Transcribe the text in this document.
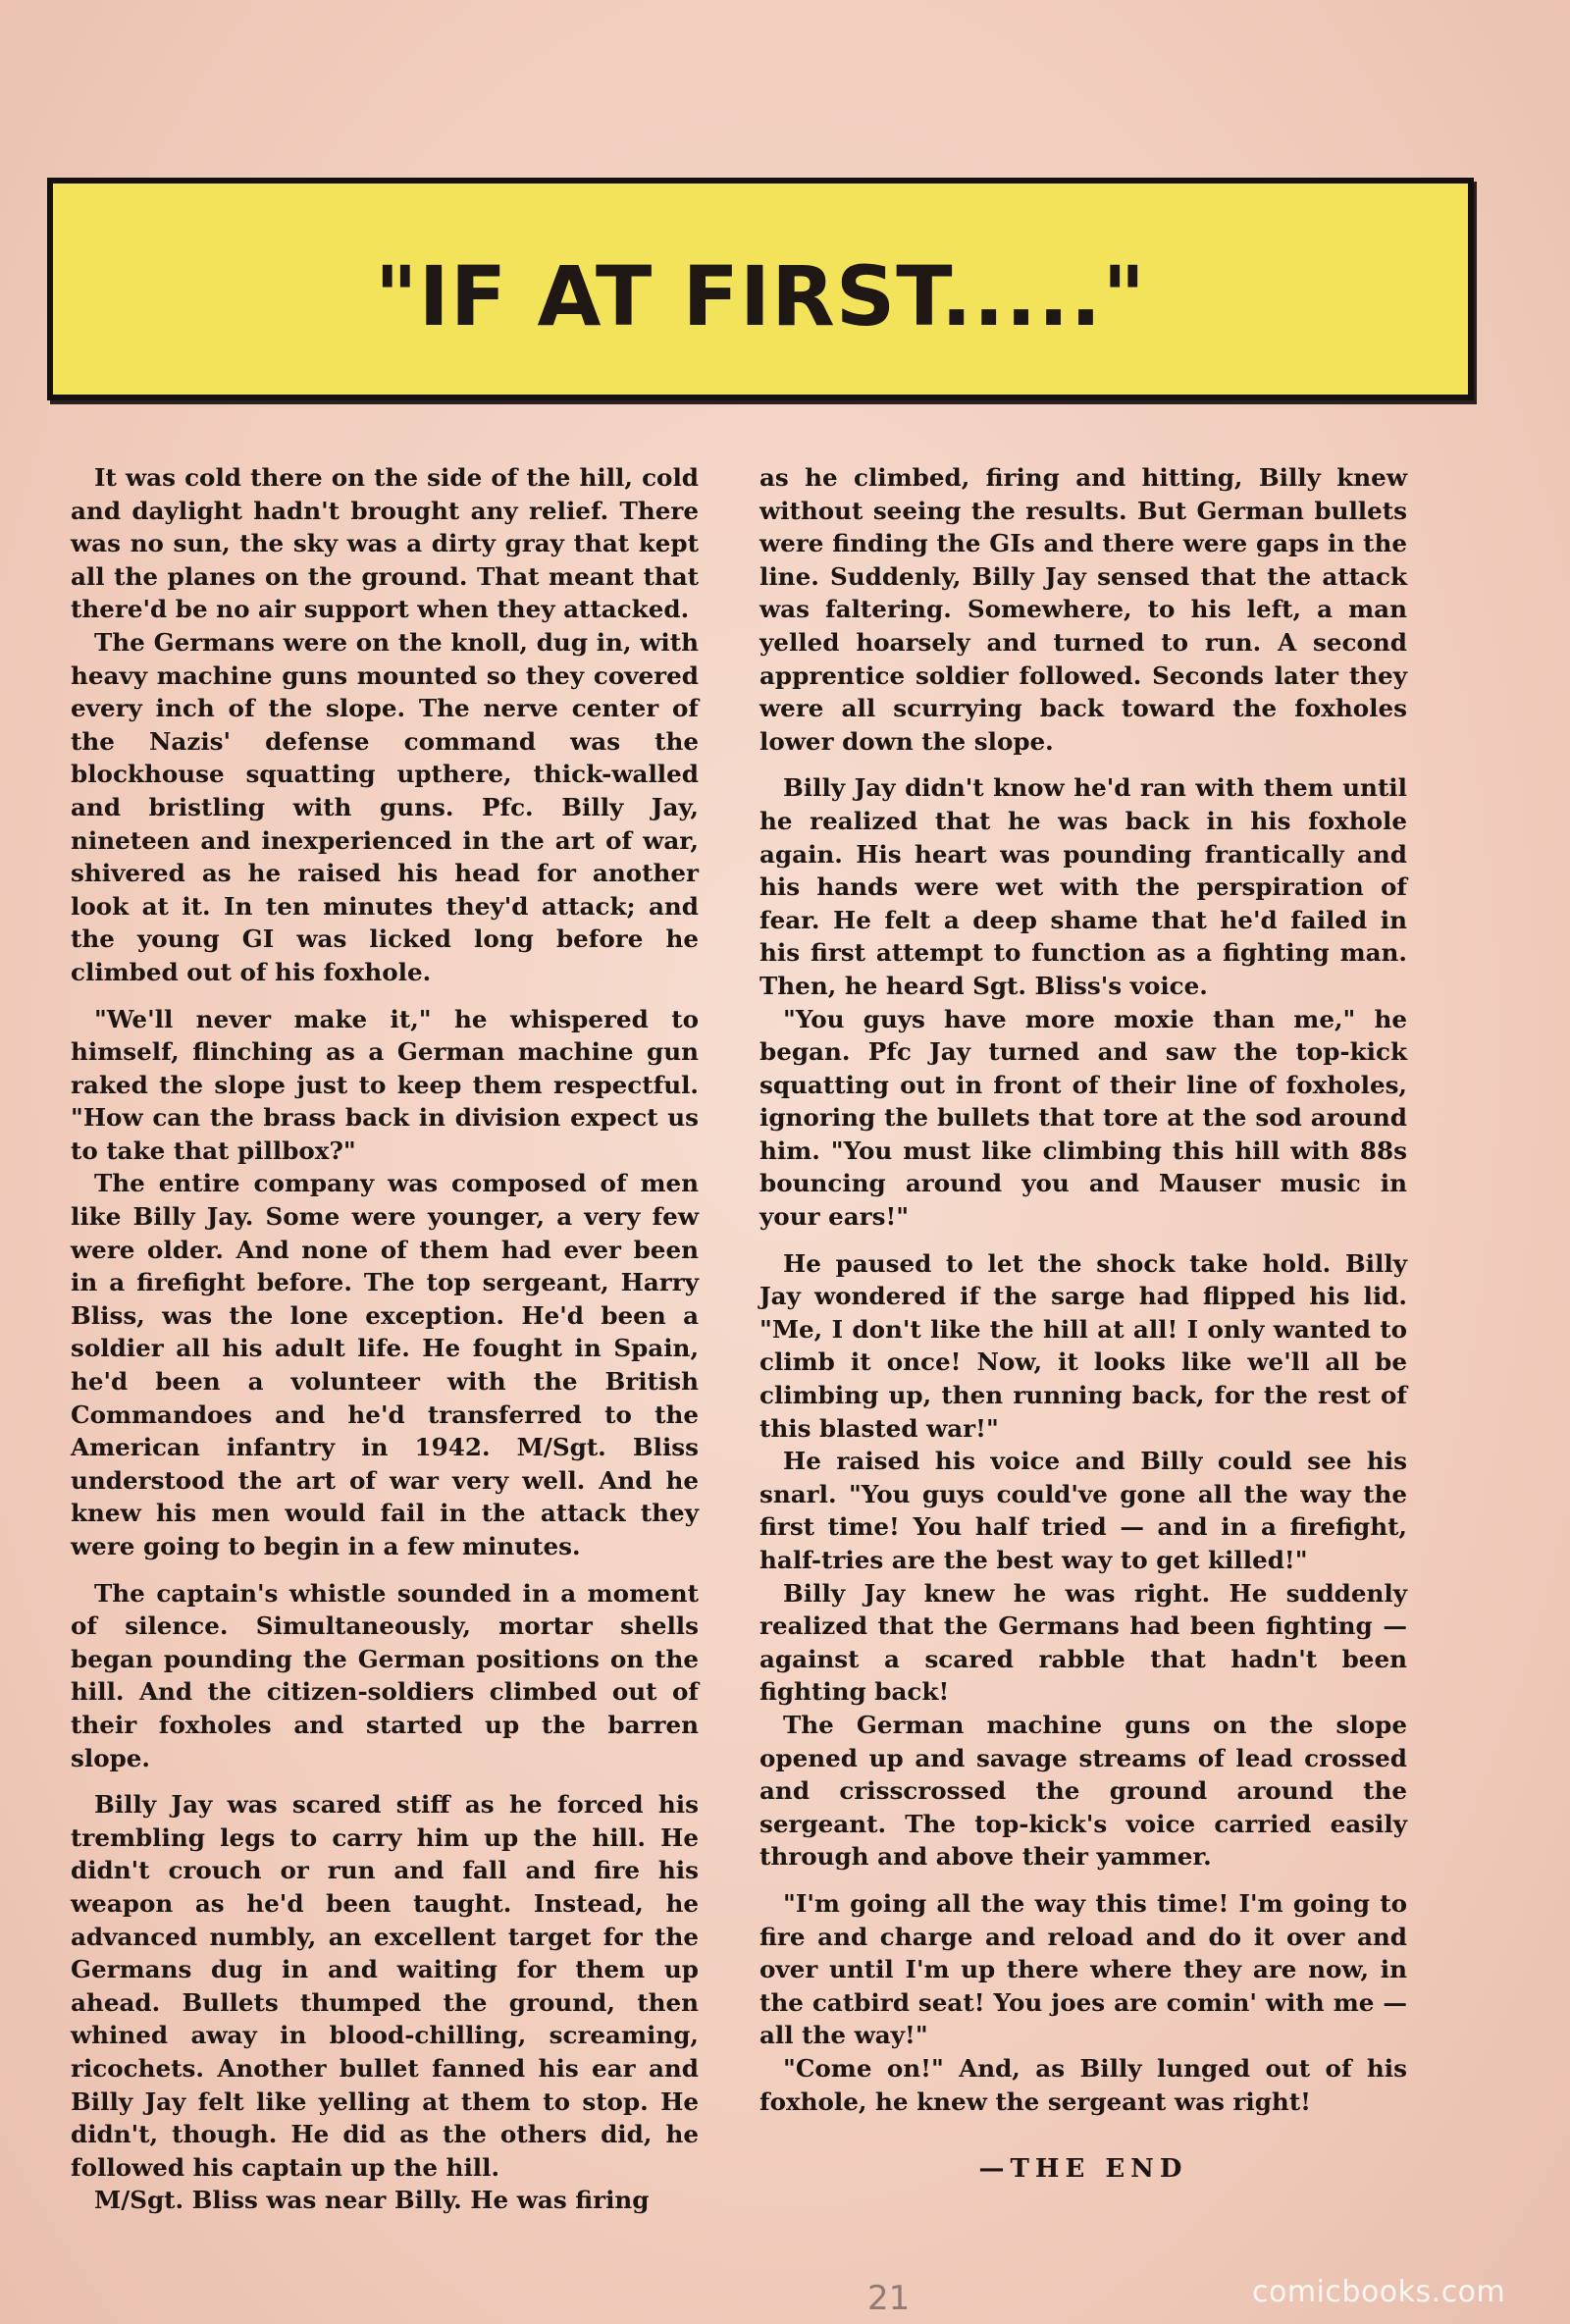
"IF AT FIRST....."

It was cold there on the side of the hill, cold and daylight hadn't brought any relief. There was no sun, the sky was a dirty gray that kept all the planes on the ground. That meant that there'd be no air support when they attacked.

The Germans were on the knoll, dug in, with heavy machine guns mounted so they covered every inch of the slope. The nerve center of the Nazis' defense command was the blockhouse squatting upthere, thick-walled and bristling with guns. Pfc. Billy Jay, nineteen and inexperienced in the art of war, shivered as he raised his head for another look at it. In ten minutes they'd attack; and the young GI was licked long before he climbed out of his foxhole.

"We'll never make it," he whispered to himself, flinching as a German machine gun raked the slope just to keep them respectful. "How can the brass back in division expect us to take that pillbox?"

The entire company was composed of men like Billy Jay. Some were younger, a very few were older. And none of them had ever been in a firefight before. The top sergeant, Harry Bliss, was the lone exception. He'd been a soldier all his adult life. He fought in Spain, he'd been a volunteer with the British Commandoes and he'd transferred to the American infantry in 1942. M/Sgt. Bliss understood the art of war very well. And he knew his men would fail in the attack they were going to begin in a few minutes.

The captain's whistle sounded in a moment of silence. Simultaneously, mortar shells began pounding the German positions on the hill. And the citizen-soldiers climbed out of their foxholes and started up the barren slope.

Billy Jay was scared stiff as he forced his trembling legs to carry him up the hill. He didn't crouch or run and fall and fire his weapon as he'd been taught. Instead, he advanced numbly, an excellent target for the Germans dug in and waiting for them up ahead. Bullets thumped the ground, then whined away in blood-chilling, screaming, ricochets. Another bullet fanned his ear and Billy Jay felt like yelling at them to stop. He didn't, though. He did as the others did, he followed his captain up the hill.

M/Sgt. Bliss was near Billy. He was firing

as he climbed, firing and hitting, Billy knew without seeing the results. But German bullets were finding the GIs and there were gaps in the line. Suddenly, Billy Jay sensed that the attack was faltering. Somewhere, to his left, a man yelled hoarsely and turned to run. A second apprentice soldier followed. Seconds later they were all scurrying back toward the foxholes lower down the slope.

Billy Jay didn't know he'd ran with them until he realized that he was back in his foxhole again. His heart was pounding frantically and his hands were wet with the perspiration of fear. He felt a deep shame that he'd failed in his first attempt to function as a fighting man. Then, he heard Sgt. Bliss's voice.

"You guys have more moxie than me," he began. Pfc Jay turned and saw the top-kick squatting out in front of their line of foxholes, ignoring the bullets that tore at the sod around him. "You must like climbing this hill with 88s bouncing around you and Mauser music in your ears!"

He paused to let the shock take hold. Billy Jay wondered if the sarge had flipped his lid. "Me, I don't like the hill at all! I only wanted to climb it once! Now, it looks like we'll all be climbing up, then running back, for the rest of this blasted war!"

He raised his voice and Billy could see his snarl. "You guys could've gone all the way the first time! You half tried — and in a firefight, half-tries are the best way to get killed!"

Billy Jay knew he was right. He suddenly realized that the Germans had been fighting — against a scared rabble that hadn't been fighting back!

The German machine guns on the slope opened up and savage streams of lead crossed and crisscrossed the ground around the sergeant. The top-kick's voice carried easily through and above their yammer.

"I'm going all the way this time! I'm going to fire and charge and reload and do it over and over until I'm up there where they are now, in the catbird seat! You joes are comin' with me — all the way!"

"Come on!" And, as Billy lunged out of his foxhole, he knew the sergeant was right!

—THE END

21	comicbooks.com
